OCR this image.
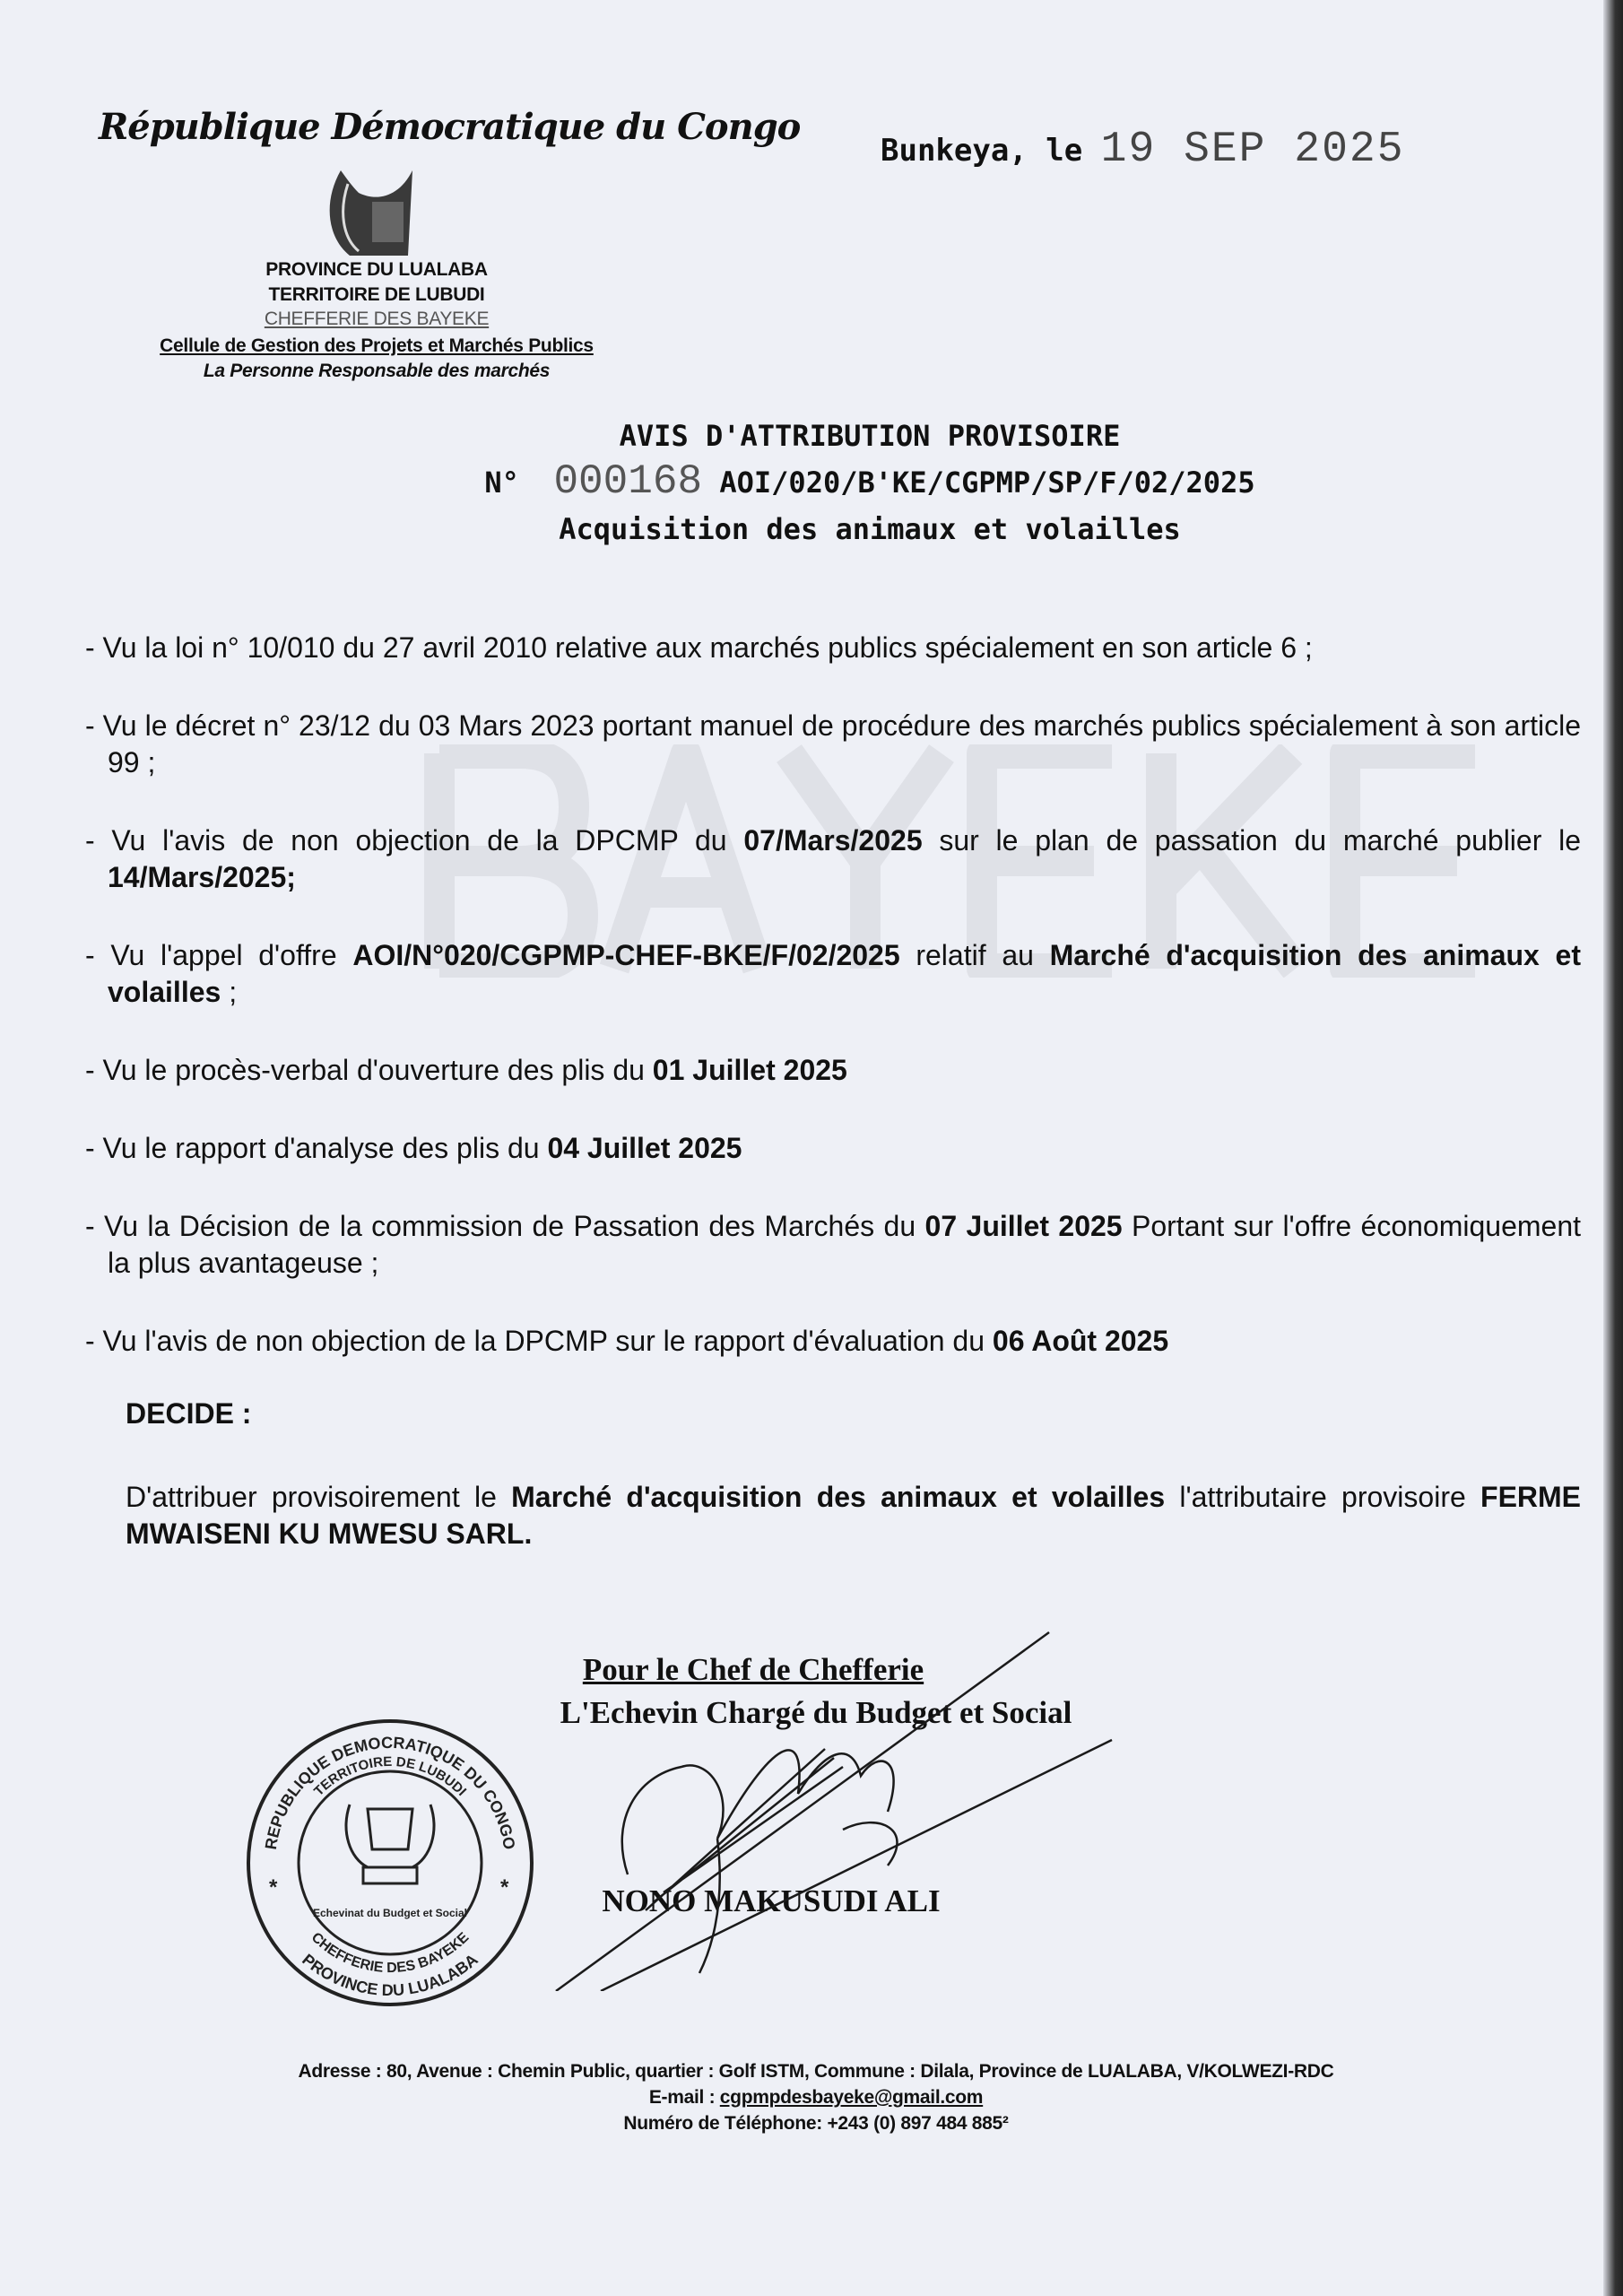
République Démocratique du Congo
Bunkeya, le 19 SEP 2025
PROVINCE DU LUALABA
TERRITOIRE DE LUBUDI
CHEFFERIE DES BAYEKE
Cellule de Gestion des Projets et Marchés Publics
La Personne Responsable des marchés
AVIS D'ATTRIBUTION PROVISOIRE
N° 000168 AOI/020/B'KE/CGPMP/SP/F/02/2025
Acquisition des animaux et volailles
- Vu la loi n° 10/010 du 27 avril 2010 relative aux marchés publics spécialement en son article 6 ;
- Vu le décret n° 23/12 du 03 Mars 2023 portant manuel de procédure des marchés publics spécialement à son article 99 ;
- Vu l'avis de non objection de la DPCMP du 07/Mars/2025 sur le plan de passation du marché publier le 14/Mars/2025;
- Vu l'appel d'offre AOI/N°020/CGPMP-CHEF-BKE/F/02/2025 relatif au Marché d'acquisition des animaux et volailles ;
- Vu le procès-verbal d'ouverture des plis du 01 Juillet 2025
- Vu le rapport d'analyse des plis du 04 Juillet 2025
- Vu la Décision de la commission de Passation des Marchés du 07 Juillet 2025 Portant sur l'offre économiquement la plus avantageuse ;
- Vu l'avis de non objection de la DPCMP sur le rapport d'évaluation du 06 Août 2025
DECIDE :
D'attribuer provisoirement le Marché d'acquisition des animaux et volailles l'attributaire provisoire FERME MWAISENI KU MWESU SARL.
Pour le Chef de Chefferie
L'Echevin Chargé du Budget et Social
NONO MAKUSUDI ALI
REPUBLIQUE DEMOCRATIQUE DU CONGO
TERRITOIRE DE LUBUDI
CHEFFERIE DES BAYEKE
PROVINCE DU LUALABA
Echevinat du Budget et Social
*	*
Adresse : 80, Avenue : Chemin Public, quartier : Golf ISTM, Commune : Dilala, Province de LUALABA, V/KOLWEZI-RDC
E-mail : cgpmpdesbayeke@gmail.com
Numéro de Téléphone: +243 (0) 897 484 885²
